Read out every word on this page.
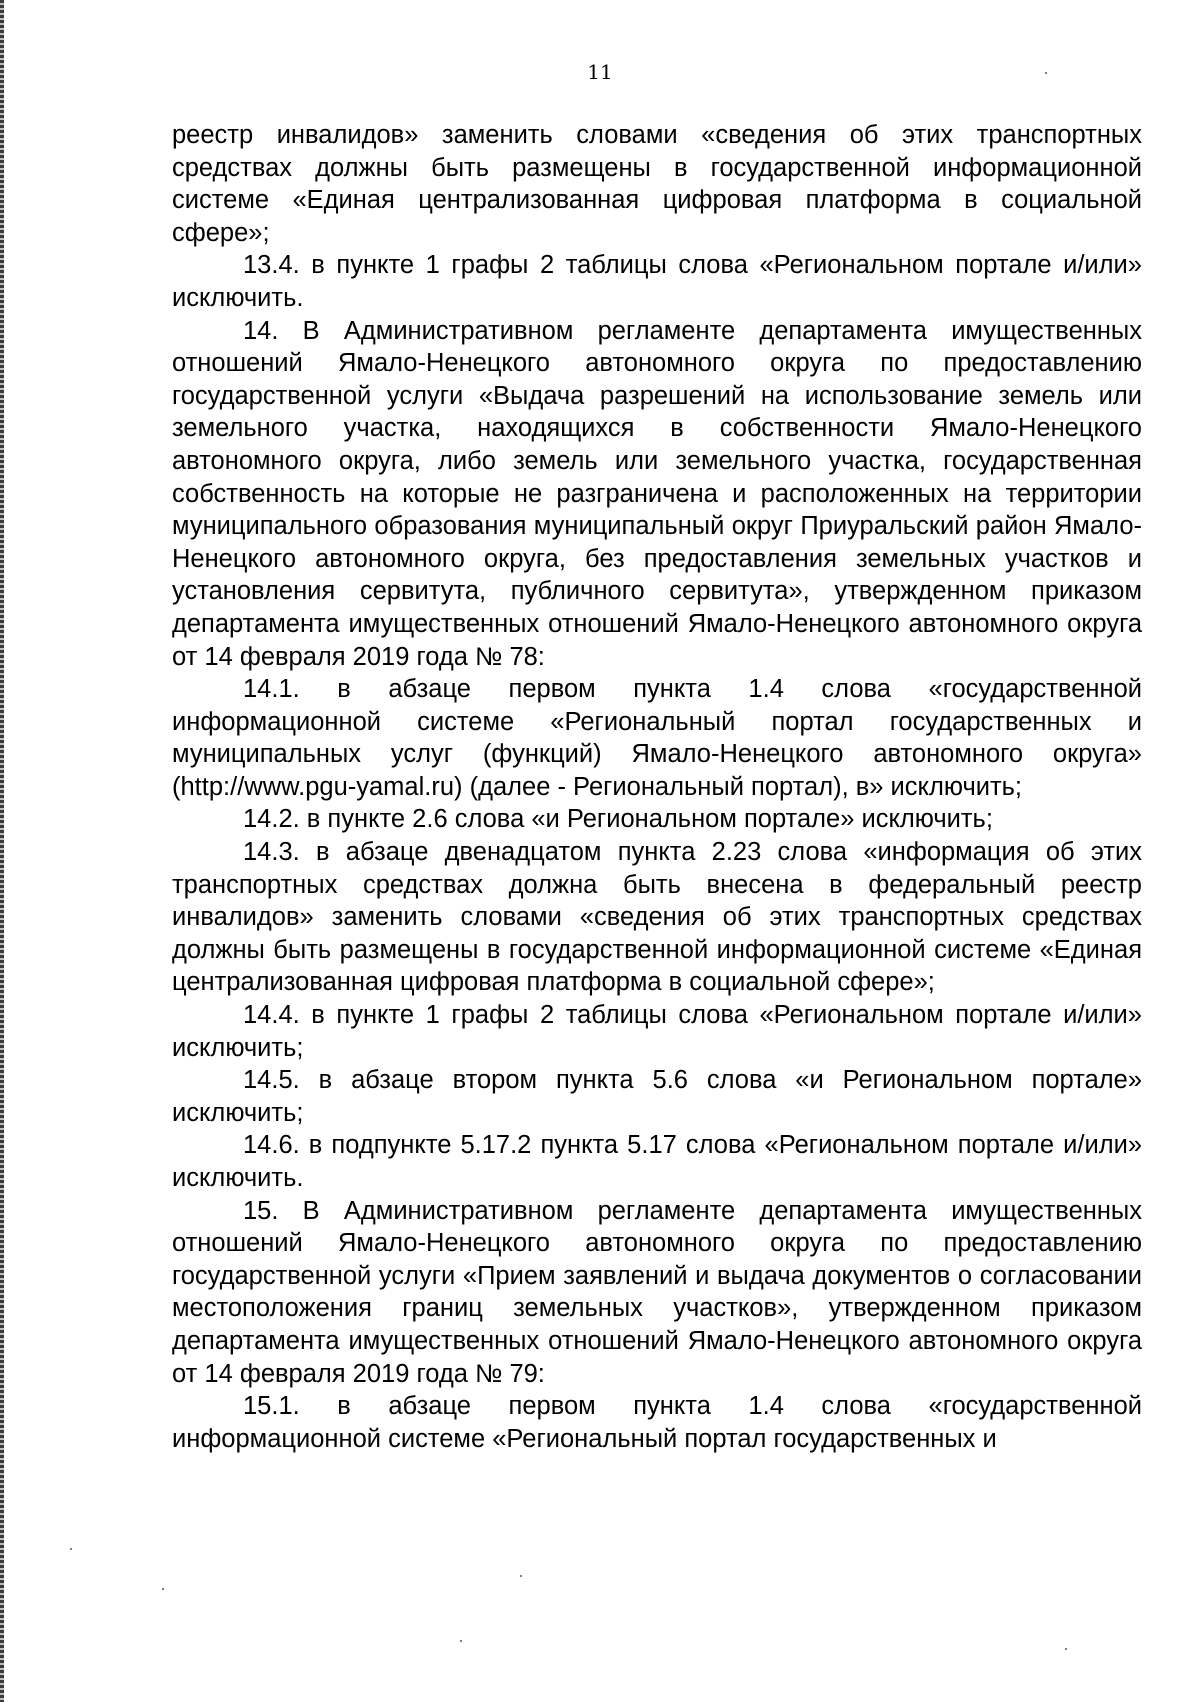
11

реестр инвалидов» заменить словами «сведения об этих транспортных средствах должны быть размещены в государственной информационной системе «Единая централизованная цифровая платформа в социальной сфере»;

13.4. в пункте 1 графы 2 таблицы слова «Региональном портале и/или» исключить.

14. В Административном регламенте департамента имущественных отношений Ямало-Ненецкого автономного округа по предоставлению государственной услуги «Выдача разрешений на использование земель или земельного участка, находящихся в собственности Ямало-Ненецкого автономного округа, либо земель или земельного участка, государственная собственность на которые не разграничена и расположенных на территории муниципального образования муниципальный округ Приуральский район Ямало-Ненецкого автономного округа, без предоставления земельных участков и установления сервитута, публичного сервитута», утвержденном приказом департамента имущественных отношений Ямало-Ненецкого автономного округа от 14 февраля 2019 года № 78:

14.1. в абзаце первом пункта 1.4 слова «государственной информационной системе «Региональный портал государственных и муниципальных услуг (функций) Ямало-Ненецкого автономного округа» (http://www.pgu-yamal.ru) (далее - Региональный портал), в» исключить;

14.2. в пункте 2.6 слова «и Региональном портале» исключить;

14.3. в абзаце двенадцатом пункта 2.23 слова «информация об этих транспортных средствах должна быть внесена в федеральный реестр инвалидов» заменить словами «сведения об этих транспортных средствах должны быть размещены в государственной информационной системе «Единая централизованная цифровая платформа в социальной сфере»;

14.4. в пункте 1 графы 2 таблицы слова «Региональном портале и/или» исключить;

14.5. в абзаце втором пункта 5.6 слова «и Региональном портале» исключить;

14.6. в подпункте 5.17.2 пункта 5.17 слова «Региональном портале и/или» исключить.

15. В Административном регламенте департамента имущественных отношений Ямало-Ненецкого автономного округа по предоставлению государственной услуги «Прием заявлений и выдача документов о согласовании местоположения границ земельных участков», утвержденном приказом департамента имущественных отношений Ямало-Ненецкого автономного округа от 14 февраля 2019 года № 79:

15.1. в абзаце первом пункта 1.4 слова «государственной информационной системе «Региональный портал государственных и
